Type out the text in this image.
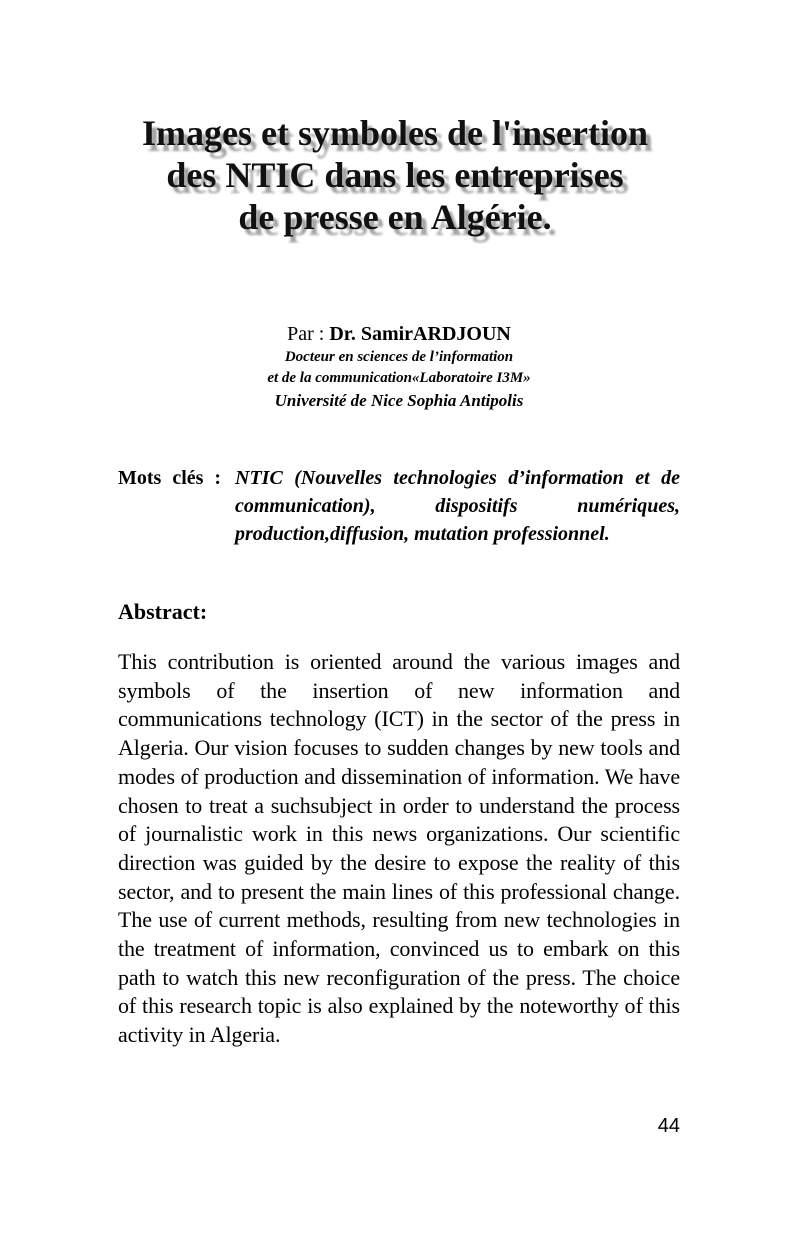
Images et symboles de l'insertion
des NTIC dans les entreprises
de presse en Algérie.
Par : Dr. SamirARDJOUN
Docteur en sciences de l’information
et de la communication«Laboratoire I3M»
Université de Nice Sophia Antipolis
Mots clés : NTIC (Nouvelles technologies d’information et de communication), dispositifs numériques, production,diffusion, mutation professionnel.
Abstract:

This contribution is oriented around the various images and symbols of the insertion of new information and communications technology (ICT) in the sector of the press in Algeria. Our vision focuses to sudden changes by new tools and modes of production and dissemination of information. We have chosen to treat a suchsubject in order to understand the process of journalistic work in this news organizations. Our scientific direction was guided by the desire to expose the reality of this sector, and to present the main lines of this professional change. The use of current methods, resulting from new technologies in the treatment of information, convinced us to embark on this path to watch this new reconfiguration of the press. The choice of this research topic is also explained by the noteworthy of this activity in Algeria.

44
